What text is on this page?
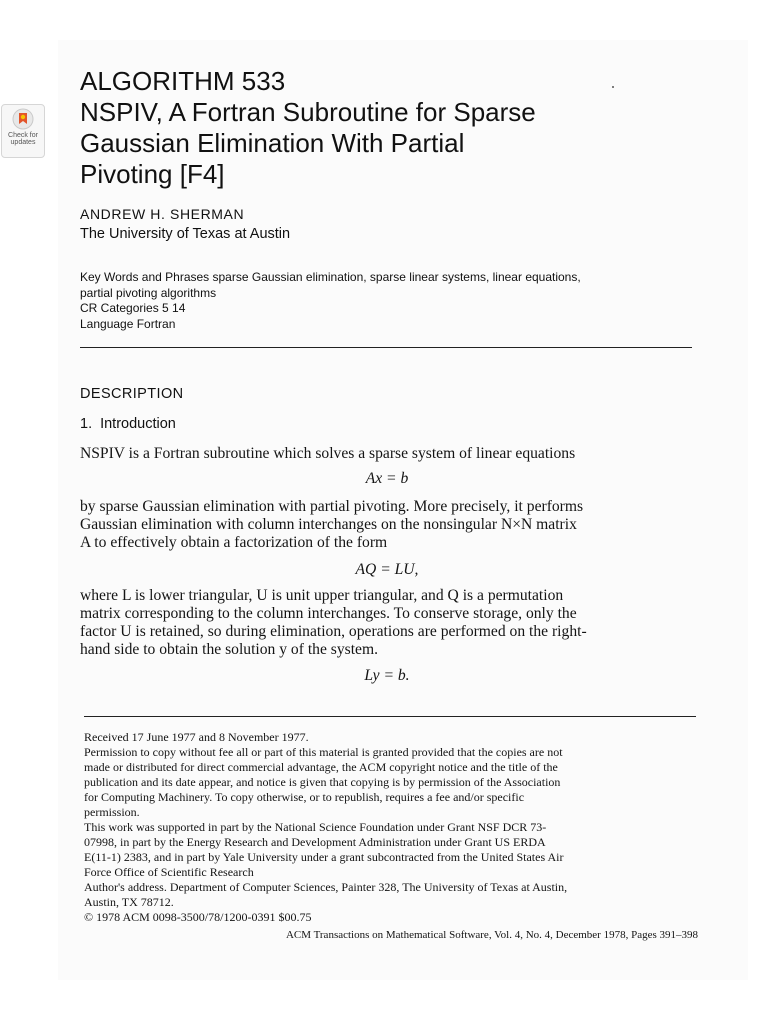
Check for
updates
ALGORITHM 533
NSPIV, A Fortran Subroutine for Sparse
Gaussian Elimination With Partial
Pivoting [F4]
ANDREW H. SHERMAN
The University of Texas at Austin
Key Words and Phrases sparse Gaussian elimination, sparse linear systems, linear equations,
partial pivoting algorithms
CR Categories 5 14
Language Fortran
DESCRIPTION
1. Introduction
NSPIV is a Fortran subroutine which solves a sparse system of linear equations
Ax = b
by sparse Gaussian elimination with partial pivoting. More precisely, it performs
Gaussian elimination with column interchanges on the nonsingular N×N matrix
A to effectively obtain a factorization of the form
AQ = LU,
where L is lower triangular, U is unit upper triangular, and Q is a permutation
matrix corresponding to the column interchanges. To conserve storage, only the
factor U is retained, so during elimination, operations are performed on the right-
hand side to obtain the solution y of the system.
Ly = b.
Received 17 June 1977 and 8 November 1977.
Permission to copy without fee all or part of this material is granted provided that the copies are not
made or distributed for direct commercial advantage, the ACM copyright notice and the title of the
publication and its date appear, and notice is given that copying is by permission of the Association
for Computing Machinery. To copy otherwise, or to republish, requires a fee and/or specific
permission.
This work was supported in part by the National Science Foundation under Grant NSF DCR 73-
07998, in part by the Energy Research and Development Administration under Grant US ERDA
E(11-1) 2383, and in part by Yale University under a grant subcontracted from the United States Air
Force Office of Scientific Research
Author's address. Department of Computer Sciences, Painter 328, The University of Texas at Austin,
Austin, TX 78712.
© 1978 ACM 0098-3500/78/1200-0391 $00.75
ACM Transactions on Mathematical Software, Vol. 4, No. 4, December 1978, Pages 391–398
